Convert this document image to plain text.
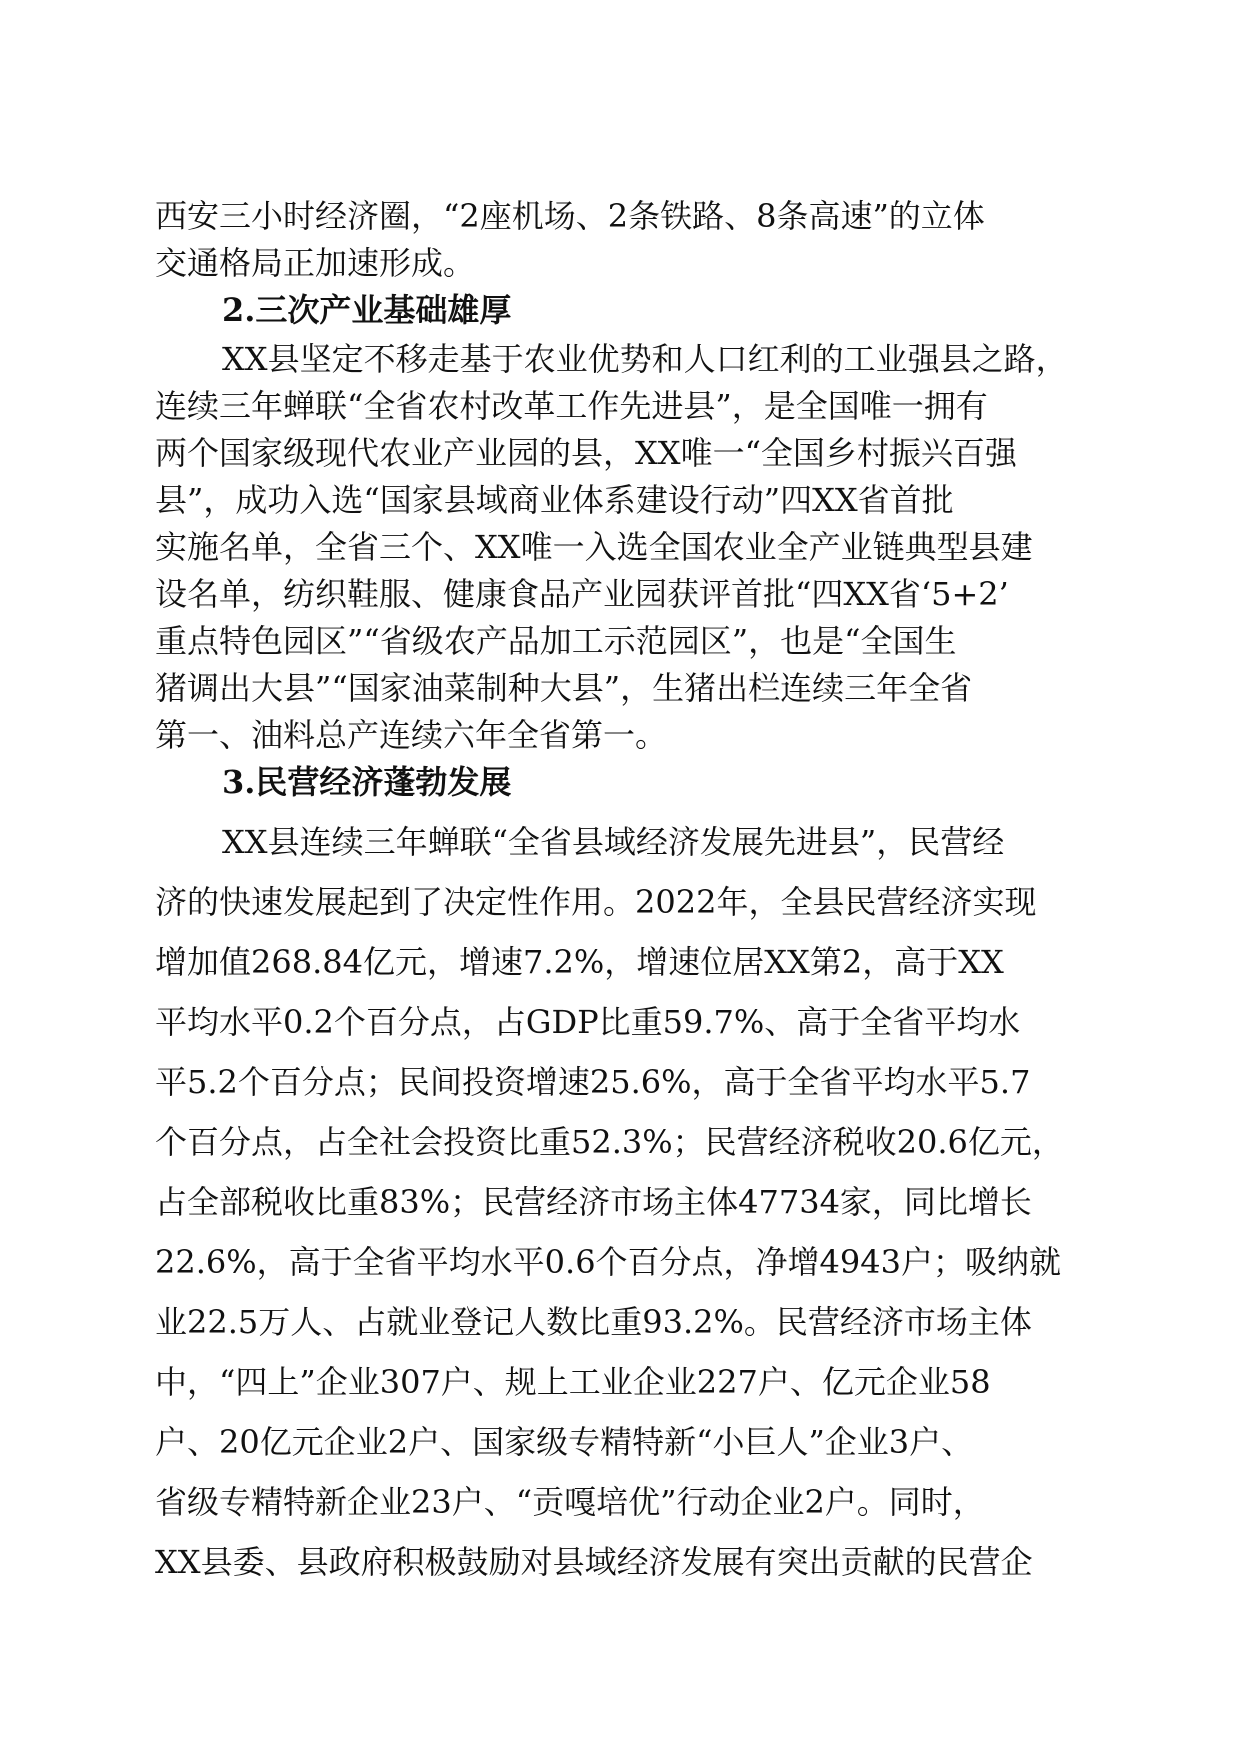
西安三小时经济圈，“2座机场、2条铁路、8条高速”的立体
交通格局正加速形成。
2.三次产业基础雄厚
XX县坚定不移走基于农业优势和人口红利的工业强县之路，
连续三年蝉联“全省农村改革工作先进县”，是全国唯一拥有
两个国家级现代农业产业园的县，XX唯一“全国乡村振兴百强
县”，成功入选“国家县域商业体系建设行动”四XX省首批
实施名单，全省三个、XX唯一入选全国农业全产业链典型县建
设名单，纺织鞋服、健康食品产业园获评首批“四XX省‘5+2’
重点特色园区”“省级农产品加工示范园区”，也是“全国生
猪调出大县”“国家油菜制种大县”，生猪出栏连续三年全省
第一、油料总产连续六年全省第一。
3.民营经济蓬勃发展
XX县连续三年蝉联“全省县域经济发展先进县”，民营经
济的快速发展起到了决定性作用。2022年，全县民营经济实现
增加值268.84亿元，增速7.2%，增速位居XX第2，高于XX
平均水平0.2个百分点，占GDP比重59.7%、高于全省平均水
平5.2个百分点；民间投资增速25.6%，高于全省平均水平5.7
个百分点，占全社会投资比重52.3%；民营经济税收20.6亿元，
占全部税收比重83%；民营经济市场主体47734家，同比增长
22.6%，高于全省平均水平0.6个百分点，净增4943户；吸纳就
业22.5万人、占就业登记人数比重93.2%。民营经济市场主体
中，“四上”企业307户、规上工业企业227户、亿元企业58
户、20亿元企业2户、国家级专精特新“小巨人”企业3户、
省级专精特新企业23户、“贡嘎培优”行动企业2户。同时，
XX县委、县政府积极鼓励对县域经济发展有突出贡献的民营企
